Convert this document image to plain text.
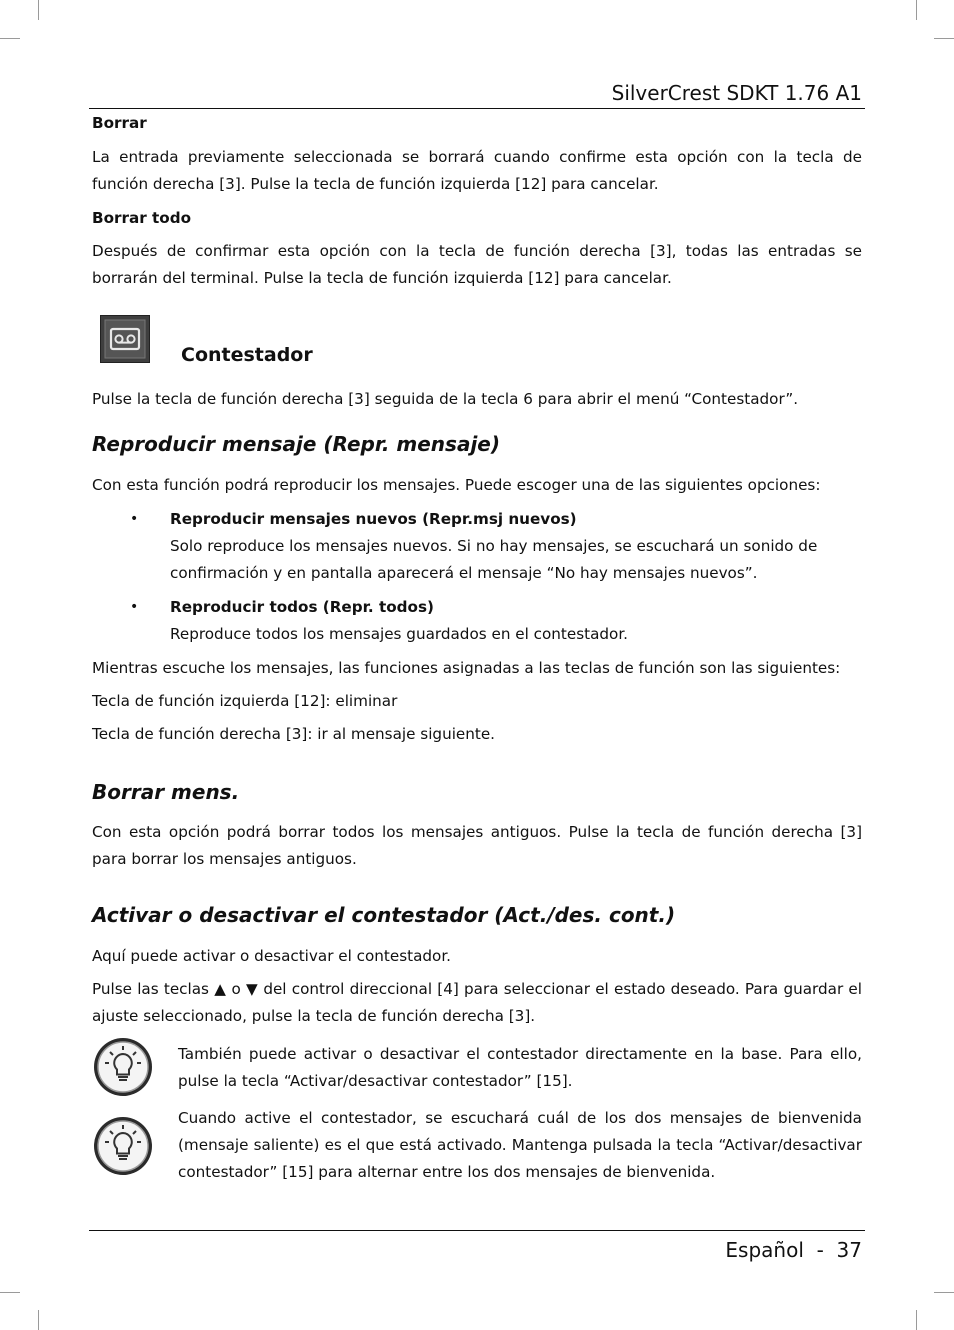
SilverCrest SDKT 1.76 A1
Borrar

La entrada previamente seleccionada se borrará cuando confirme esta opción con la tecla de función derecha [3]. Pulse la tecla de función izquierda [12] para cancelar.

Borrar todo

Después de confirmar esta opción con la tecla de función derecha [3], todas las entradas se borrarán del terminal. Pulse la tecla de función izquierda [12] para cancelar.

Contestador

Pulse la tecla de función derecha [3] seguida de la tecla 6 para abrir el menú “Contestador”.

Reproducir mensaje (Repr. mensaje)

Con esta función podrá reproducir los mensajes. Puede escoger una de las siguientes opciones:

• Reproducir mensajes nuevos (Repr.msj nuevos)

Solo reproduce los mensajes nuevos. Si no hay mensajes, se escuchará un sonido de confirmación y en pantalla aparecerá el mensaje “No hay mensajes nuevos”.

• Reproducir todos (Repr. todos)

Reproduce todos los mensajes guardados en el contestador.

Mientras escuche los mensajes, las funciones asignadas a las teclas de función son las siguientes:

Tecla de función izquierda [12]: eliminar

Tecla de función derecha [3]: ir al mensaje siguiente.

Borrar mens.

Con esta opción podrá borrar todos los mensajes antiguos. Pulse la tecla de función derecha [3] para borrar los mensajes antiguos.

Activar o desactivar el contestador (Act./des. cont.)

Aquí puede activar o desactivar el contestador.

Pulse las teclas ▲ o ▼ del control direccional [4] para seleccionar el estado deseado. Para guardar el ajuste seleccionado, pulse la tecla de función derecha [3].

También puede activar o desactivar el contestador directamente en la base. Para ello, pulse la tecla “Activar/desactivar contestador” [15].

Cuando active el contestador, se escuchará cuál de los dos mensajes de bienvenida (mensaje saliente) es el que está activado. Mantenga pulsada la tecla “Activar/desactivar contestador” [15] para alternar entre los dos mensajes de bienvenida.

Español  -  37
